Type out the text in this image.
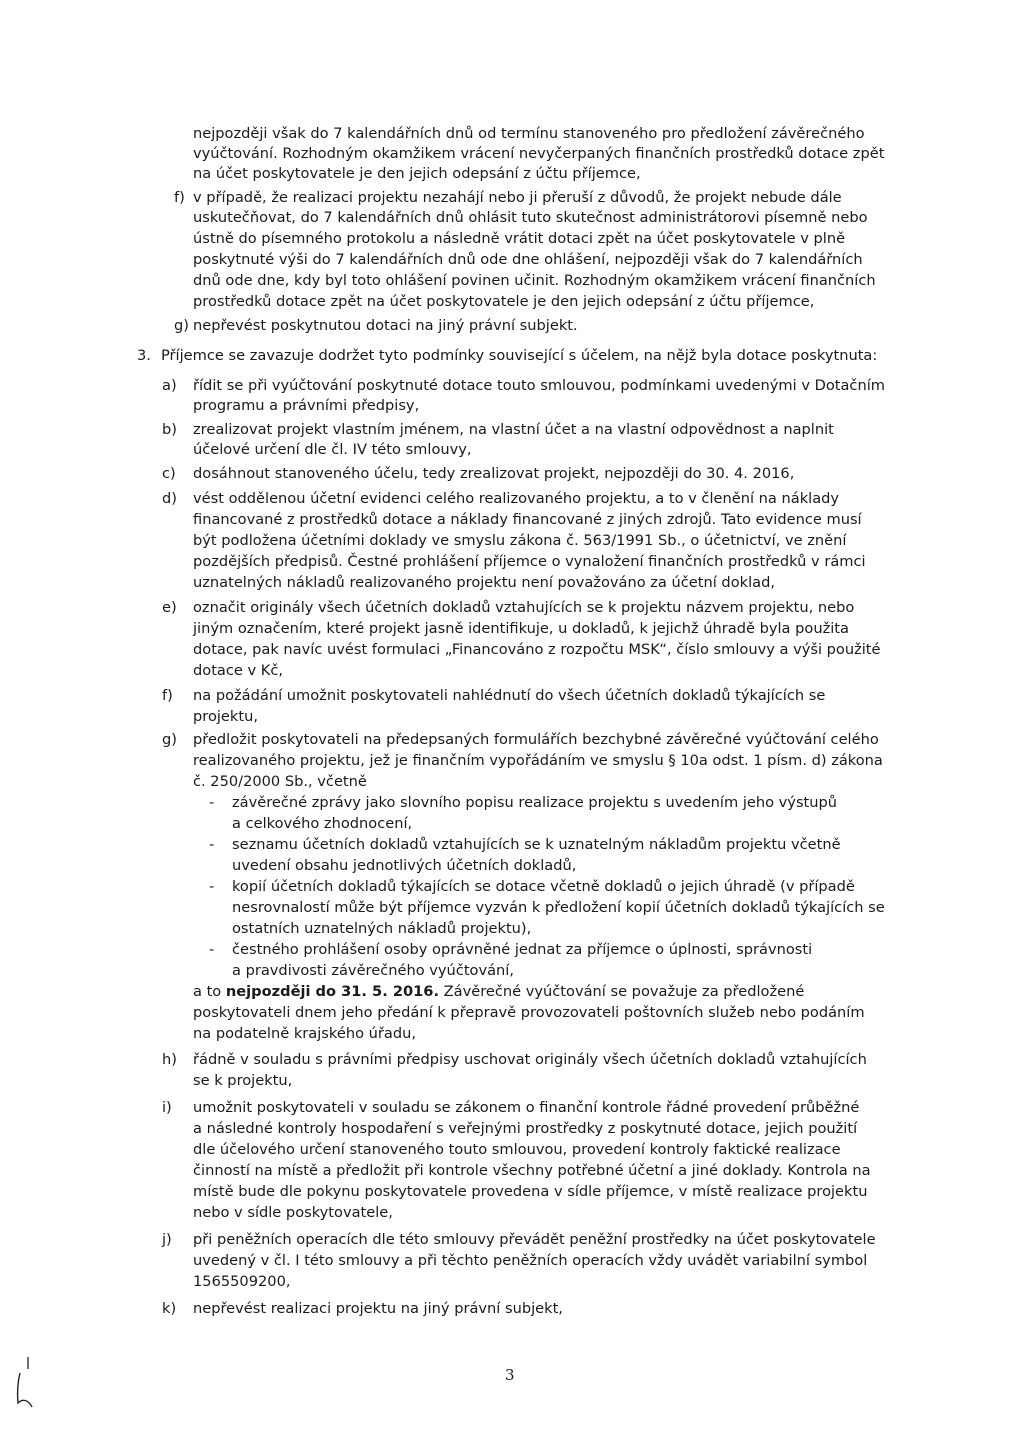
nejpozději však do 7 kalendářních dnů od termínu stanoveného pro předložení závěrečného
vyúčtování. Rozhodným okamžikem vrácení nevyčerpaných finančních prostředků dotace zpět
na účet poskytovatele je den jejich odepsání z účtu příjemce,
f) v případě, že realizaci projektu nezahájí nebo ji přeruší z důvodů, že projekt nebude dále
uskutečňovat, do 7 kalendářních dnů ohlásit tuto skutečnost administrátorovi písemně nebo
ústně do písemného protokolu a následně vrátit dotaci zpět na účet poskytovatele v plně
poskytnuté výši do 7 kalendářních dnů ode dne ohlášení, nejpozději však do 7 kalendářních
dnů ode dne, kdy byl toto ohlášení povinen učinit. Rozhodným okamžikem vrácení finančních
prostředků dotace zpět na účet poskytovatele je den jejich odepsání z účtu příjemce,
g) nepřevést poskytnutou dotaci na jiný právní subjekt.
3. Příjemce se zavazuje dodržet tyto podmínky související s účelem, na nějž byla dotace poskytnuta:
a) řídit se při vyúčtování poskytnuté dotace touto smlouvou, podmínkami uvedenými v Dotačním
programu a právními předpisy,
b) zrealizovat projekt vlastním jménem, na vlastní účet a na vlastní odpovědnost a naplnit
účelové určení dle čl. IV této smlouvy,
c) dosáhnout stanoveného účelu, tedy zrealizovat projekt, nejpozději do 30. 4. 2016,
d) vést oddělenou účetní evidenci celého realizovaného projektu, a to v členění na náklady
financované z prostředků dotace a náklady financované z jiných zdrojů. Tato evidence musí
být podložena účetními doklady ve smyslu zákona č. 563/1991 Sb., o účetnictví, ve znění
pozdějších předpisů. Čestné prohlášení příjemce o vynaložení finančních prostředků v rámci
uznatelných nákladů realizovaného projektu není považováno za účetní doklad,
e) označit originály všech účetních dokladů vztahujících se k projektu názvem projektu, nebo
jiným označením, které projekt jasně identifikuje, u dokladů, k jejichž úhradě byla použita
dotace, pak navíc uvést formulaci „Financováno z rozpočtu MSK“, číslo smlouvy a výši použité
dotace v Kč,
f) na požádání umožnit poskytovateli nahlédnutí do všech účetních dokladů týkajících se
projektu,
g) předložit poskytovateli na předepsaných formulářích bezchybné závěrečné vyúčtování celého
realizovaného projektu, jež je finančním vypořádáním ve smyslu § 10a odst. 1 písm. d) zákona
č. 250/2000 Sb., včetně
- závěrečné zprávy jako slovního popisu realizace projektu s uvedením jeho výstupů
a celkového zhodnocení,
- seznamu účetních dokladů vztahujících se k uznatelným nákladům projektu včetně
uvedení obsahu jednotlivých účetních dokladů,
- kopií účetních dokladů týkajících se dotace včetně dokladů o jejich úhradě (v případě
nesrovnalostí může být příjemce vyzván k předložení kopií účetních dokladů týkajících se
ostatních uznatelných nákladů projektu),
- čestného prohlášení osoby oprávněné jednat za příjemce o úplnosti, správnosti
a pravdivosti závěrečného vyúčtování,
a to nejpozději do 31. 5. 2016. Závěrečné vyúčtování se považuje za předložené
poskytovateli dnem jeho předání k přepravě provozovateli poštovních služeb nebo podáním
na podatelně krajského úřadu,
h) řádně v souladu s právními předpisy uschovat originály všech účetních dokladů vztahujících
se k projektu,
i) umožnit poskytovateli v souladu se zákonem o finanční kontrole řádné provedení průběžné
a následné kontroly hospodaření s veřejnými prostředky z poskytnuté dotace, jejich použití
dle účelového určení stanoveného touto smlouvou, provedení kontroly faktické realizace
činností na místě a předložit při kontrole všechny potřebné účetní a jiné doklady. Kontrola na
místě bude dle pokynu poskytovatele provedena v sídle příjemce, v místě realizace projektu
nebo v sídle poskytovatele,
j) při peněžních operacích dle této smlouvy převádět peněžní prostředky na účet poskytovatele
uvedený v čl. I této smlouvy a při těchto peněžních operacích vždy uvádět variabilní symbol
1565509200,
k) nepřevést realizaci projektu na jiný právní subjekt,
3
